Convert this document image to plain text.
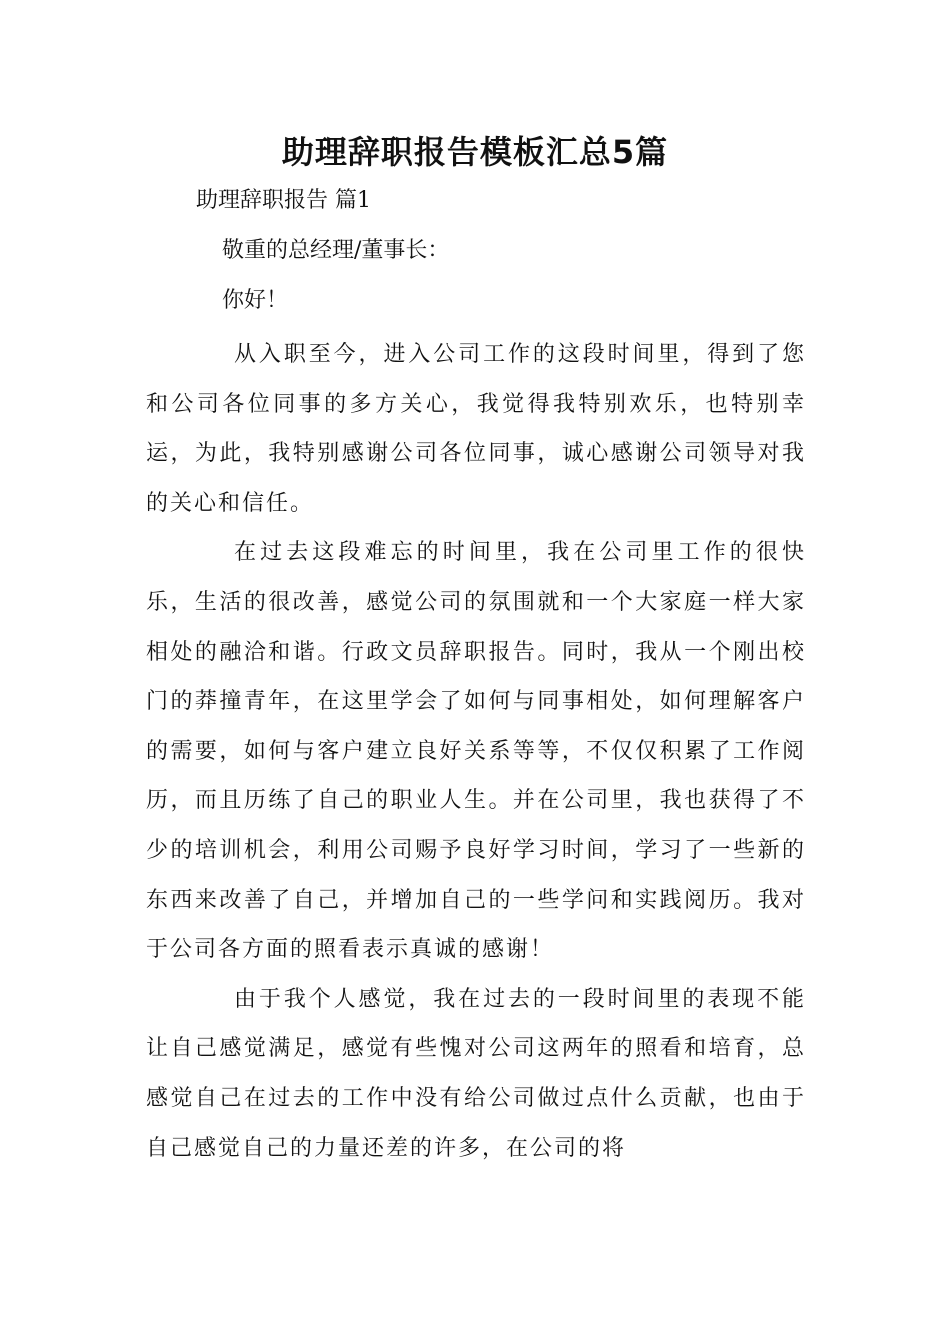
助理辞职报告模板汇总5篇

助理辞职报告 篇1

敬重的总经理/董事长：

你好！

从入职至今，进入公司工作的这段时间里，得到了您和公司各位同事的多方关心，我觉得我特别欢乐，也特别幸运，为此，我特别感谢公司各位同事，诚心感谢公司领导对我的关心和信任。

在过去这段难忘的时间里，我在公司里工作的很快乐，生活的很改善，感觉公司的氛围就和一个大家庭一样大家相处的融洽和谐。行政文员辞职报告。同时，我从一个刚出校门的莽撞青年，在这里学会了如何与同事相处，如何理解客户的需要，如何与客户建立良好关系等等，不仅仅积累了工作阅历，而且历练了自己的职业人生。并在公司里，我也获得了不少的培训机会，利用公司赐予良好学习时间，学习了一些新的东西来改善了自己，并增加自己的一些学问和实践阅历。我对于公司各方面的照看表示真诚的感谢！

由于我个人感觉，我在过去的一段时间里的表现不能让自己感觉满足，感觉有些愧对公司这两年的照看和培育，总感觉自己在过去的工作中没有给公司做过点什么贡献，也由于自己感觉自己的力量还差的许多，在公司的将
